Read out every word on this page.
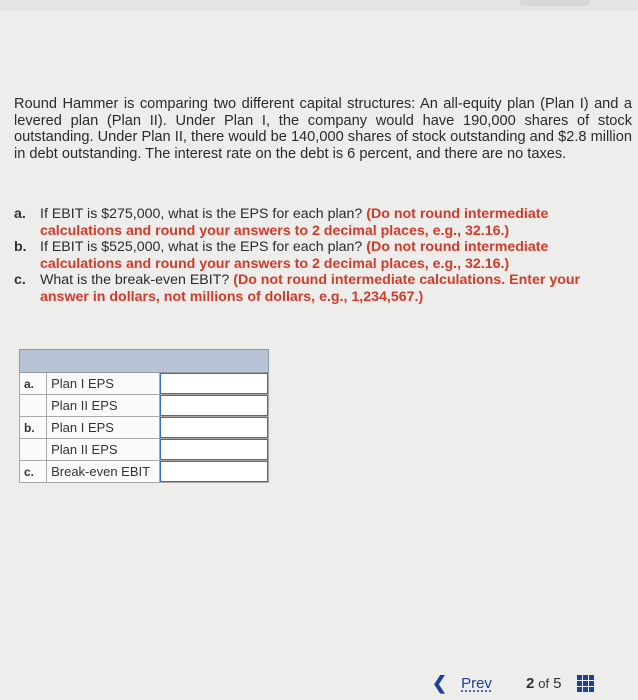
Round Hammer is comparing two different capital structures: An all-equity plan (Plan I) and a levered plan (Plan II). Under Plan I, the company would have 190,000 shares of stock outstanding. Under Plan II, there would be 140,000 shares of stock outstanding and $2.8 million in debt outstanding. The interest rate on the debt is 6 percent, and there are no taxes.

a. If EBIT is $275,000, what is the EPS for each plan? (Do not round intermediate calculations and round your answers to 2 decimal places, e.g., 32.16.)
b. If EBIT is $525,000, what is the EPS for each plan? (Do not round intermediate calculations and round your answers to 2 decimal places, e.g., 32.16.)
c. What is the break-even EBIT? (Do not round intermediate calculations. Enter your answer in dollars, not millions of dollars, e.g., 1,234,567.)

a.	Plan I EPS	

	Plan II EPS	

b.	Plan I EPS	

	Plan II EPS	

c.	Break-even EBIT	
❮ Prev 2 of 5
